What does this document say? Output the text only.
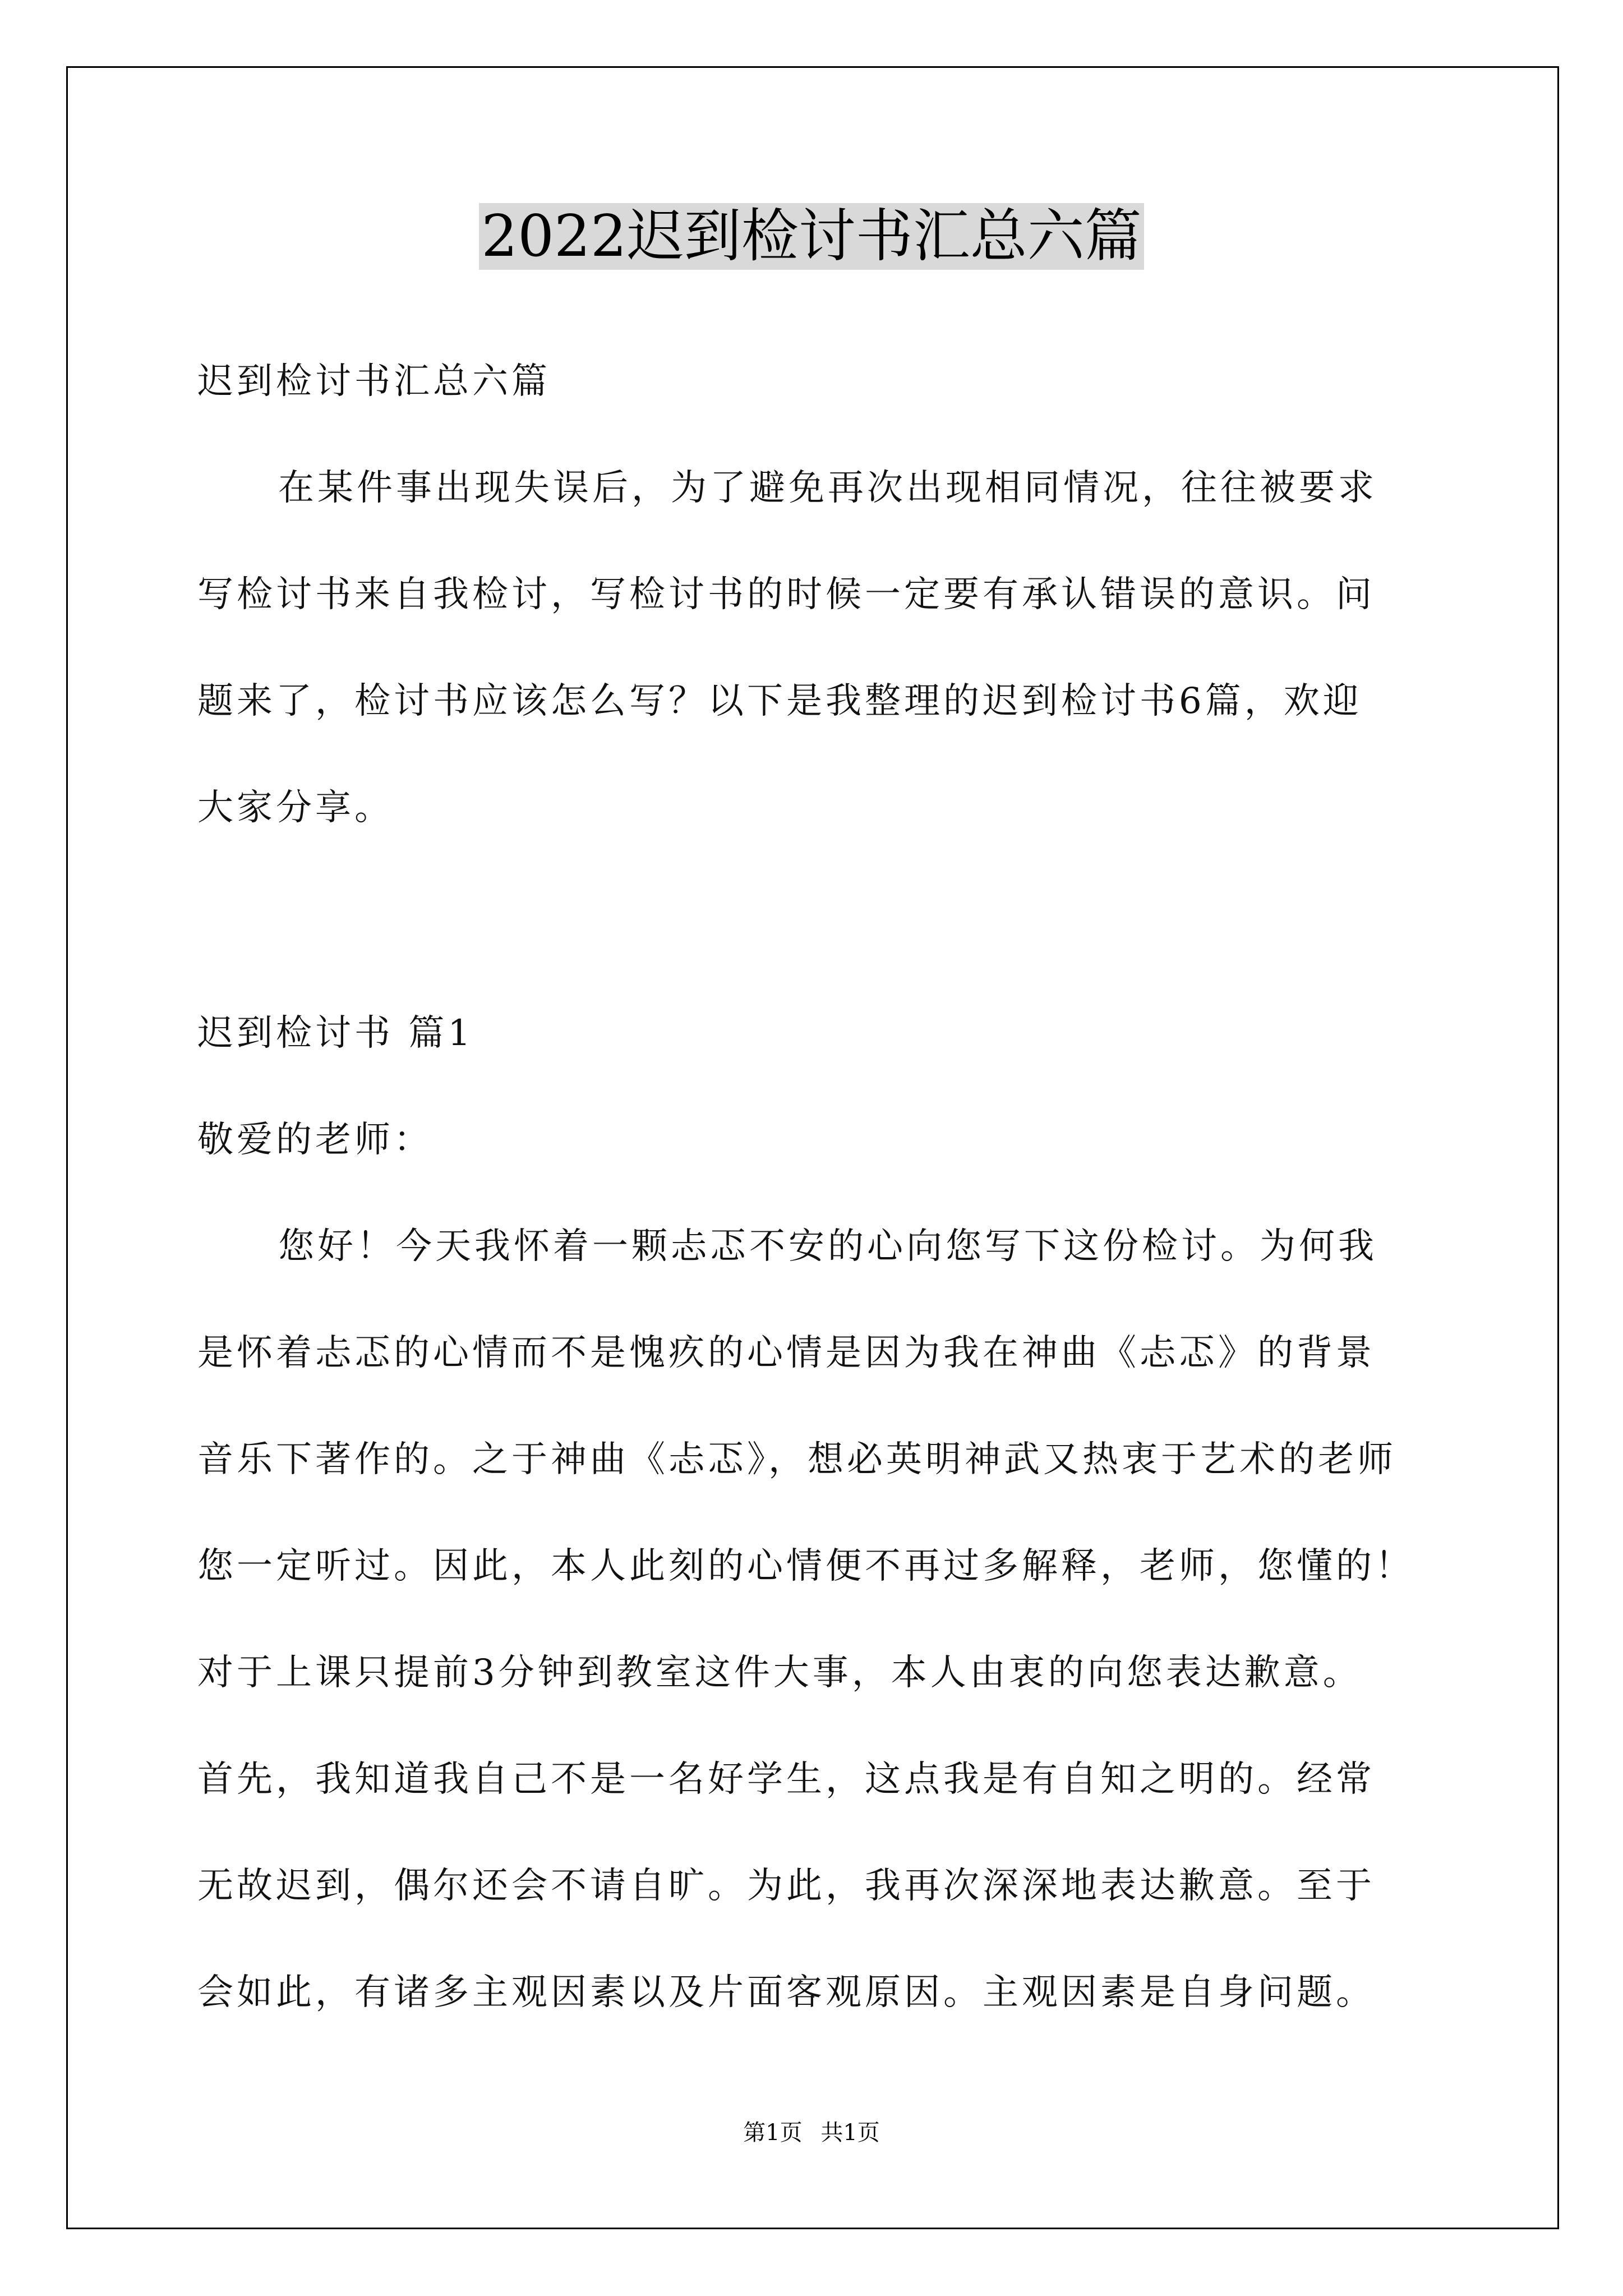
2022迟到检讨书汇总六篇
迟到检讨书汇总六篇
在某件事出现失误后，为了避免再次出现相同情况，往往被要求
写检讨书来自我检讨，写检讨书的时候一定要有承认错误的意识。问
题来了，检讨书应该怎么写？以下是我整理的迟到检讨书6篇，欢迎
大家分享。
迟到检讨书 篇1
敬爱的老师：
您好！今天我怀着一颗忐忑不安的心向您写下这份检讨。为何我
是怀着忐忑的心情而不是愧疚的心情是因为我在神曲《忐忑》的背景
音乐下著作的。之于神曲《忐忑》，想必英明神武又热衷于艺术的老师
您一定听过。因此，本人此刻的心情便不再过多解释，老师，您懂的！
对于上课只提前3分钟到教室这件大事，本人由衷的向您表达歉意。
首先，我知道我自己不是一名好学生，这点我是有自知之明的。经常
无故迟到，偶尔还会不请自旷。为此，我再次深深地表达歉意。至于
会如此，有诸多主观因素以及片面客观原因。主观因素是自身问题。
第1页 共1页
